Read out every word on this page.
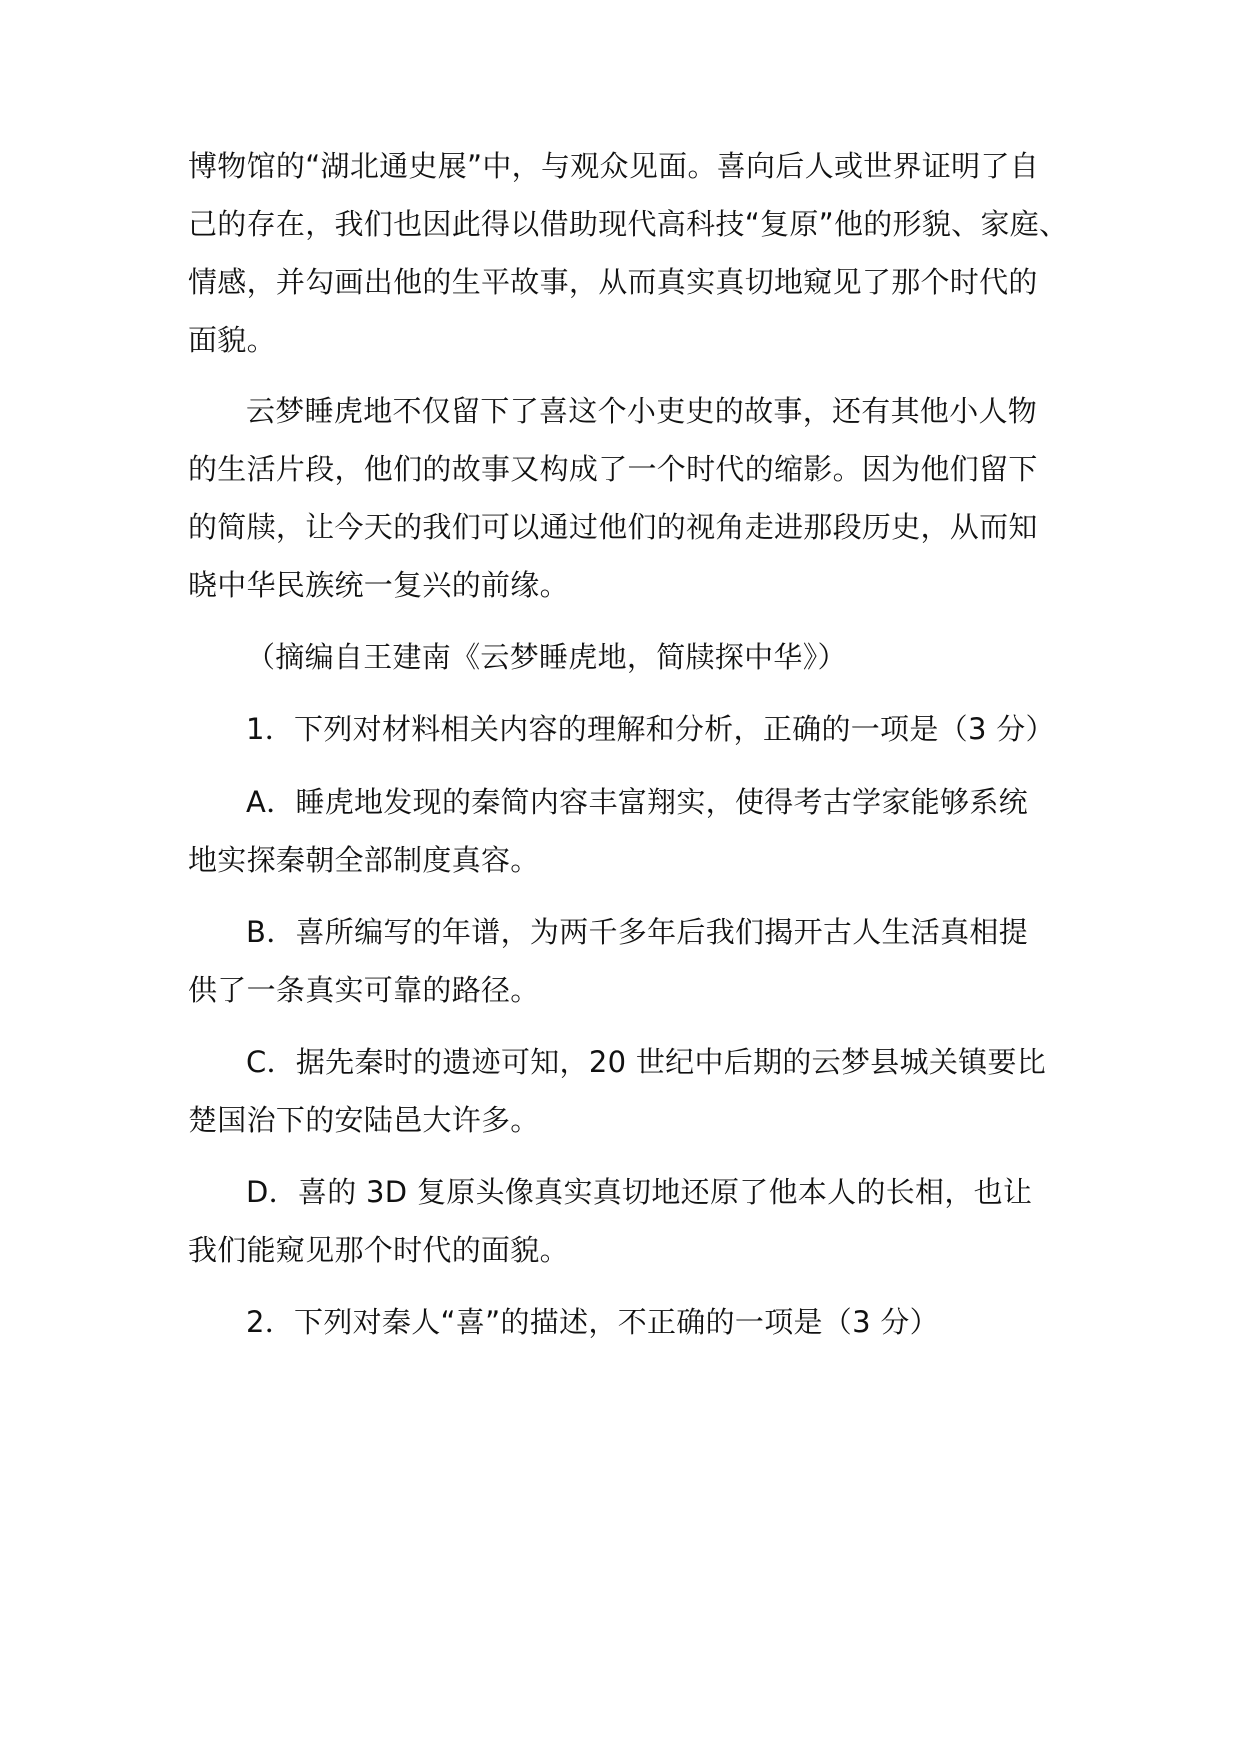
博物馆的“湖北通史展”中，与观众见面。喜向后人或世界证明了自
己的存在，我们也因此得以借助现代高科技“复原”他的形貌、家庭、
情感，并勾画出他的生平故事，从而真实真切地窥见了那个时代的
面貌。
云梦睡虎地不仅留下了喜这个小吏史的故事，还有其他小人物
的生活片段，他们的故事又构成了一个时代的缩影。因为他们留下
的简牍，让今天的我们可以通过他们的视角走进那段历史，从而知
晓中华民族统一复兴的前缘。
（摘编自王建南《云梦睡虎地，简牍探中华》）
1．下列对材料相关内容的理解和分析，正确的一项是（3 分）
A．睡虎地发现的秦简内容丰富翔实，使得考古学家能够系统
地实探秦朝全部制度真容。
B．喜所编写的年谱，为两千多年后我们揭开古人生活真相提
供了一条真实可靠的路径。
C．据先秦时的遗迹可知，20 世纪中后期的云梦县城关镇要比
楚国治下的安陆邑大许多。
D．喜的 3D 复原头像真实真切地还原了他本人的长相，也让
我们能窥见那个时代的面貌。
2．下列对秦人“喜”的描述，不正确的一项是（3 分）
